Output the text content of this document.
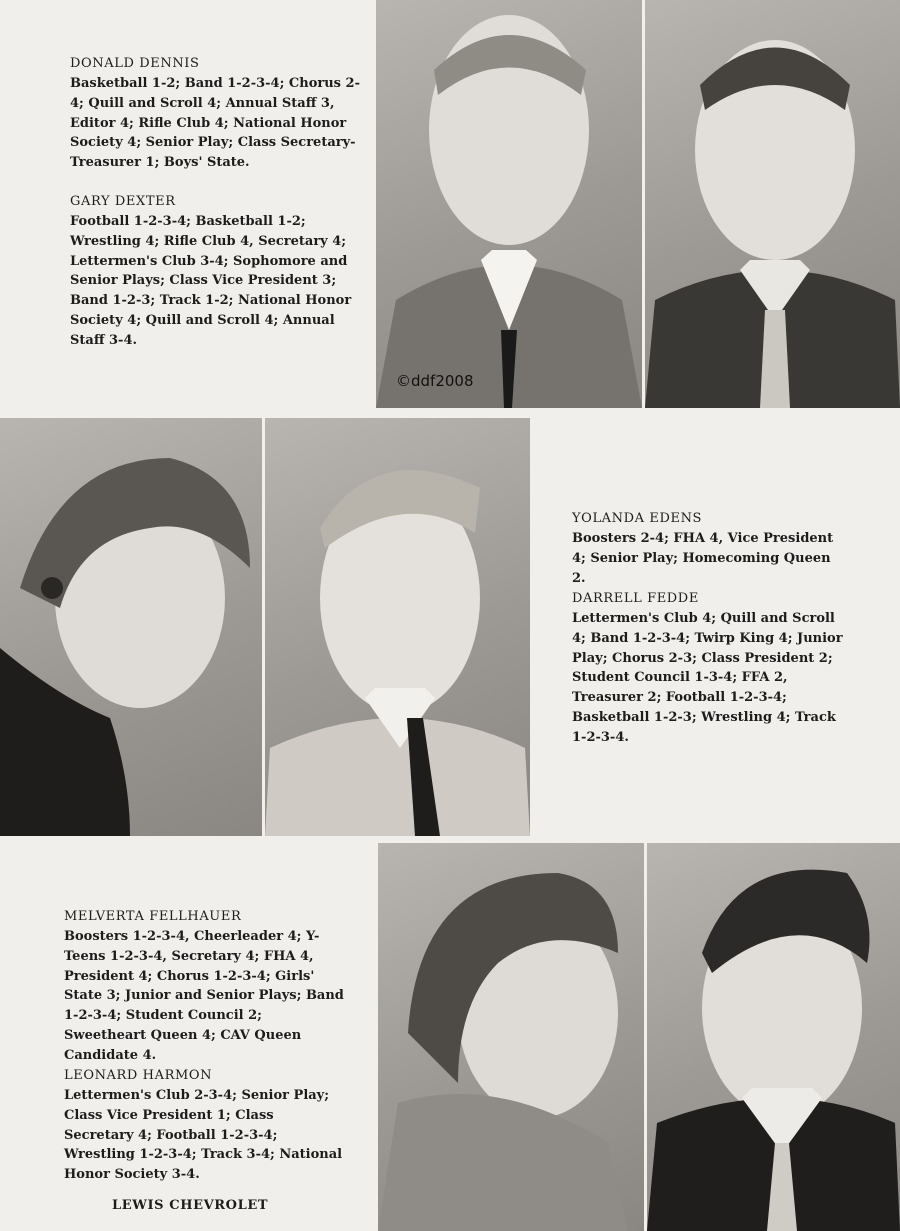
DONALD DENNIS

Basketball 1-2; Band 1-2-3-4; Chorus 2-4; Quill and Scroll 4; Annual Staff 3, Editor 4; Rifle Club 4; National Honor Society 4; Senior Play; Class Secretary-Treasurer 1; Boys' State.

GARY DEXTER

Football 1-2-3-4; Basketball 1-2; Wrestling 4; Rifle Club 4, Secretary 4; Lettermen's Club 3-4; Sophomore and Senior Plays; Class Vice President 3; Band 1-2-3; Track 1-2; National Honor Society 4; Quill and Scroll 4; Annual Staff 3-4.

©ddf2008

YOLANDA EDENS

Boosters 2-4; FHA 4, Vice President 4; Senior Play; Homecoming Queen 2.

DARRELL FEDDE

Lettermen's Club 4; Quill and Scroll 4; Band 1-2-3-4; Twirp King 4; Junior Play; Chorus 2-3; Class President 2; Student Council 1-3-4; FFA 2, Treasurer 2; Football 1-2-3-4; Basketball 1-2-3; Wrestling 4; Track 1-2-3-4.

MELVERTA FELLHAUER

Boosters 1-2-3-4, Cheerleader 4; Y-Teens 1-2-3-4, Secretary 4; FHA 4, President 4; Chorus 1-2-3-4; Girls' State 3; Junior and Senior Plays; Band 1-2-3-4; Student Council 2; Sweetheart Queen 4; CAV Queen Candidate 4.

LEONARD HARMON

Lettermen's Club 2-3-4; Senior Play; Class Vice President 1; Class Secretary 4; Football 1-2-3-4; Wrestling 1-2-3-4; Track 3-4; National Honor Society 3-4.

LEWIS CHEVROLET
